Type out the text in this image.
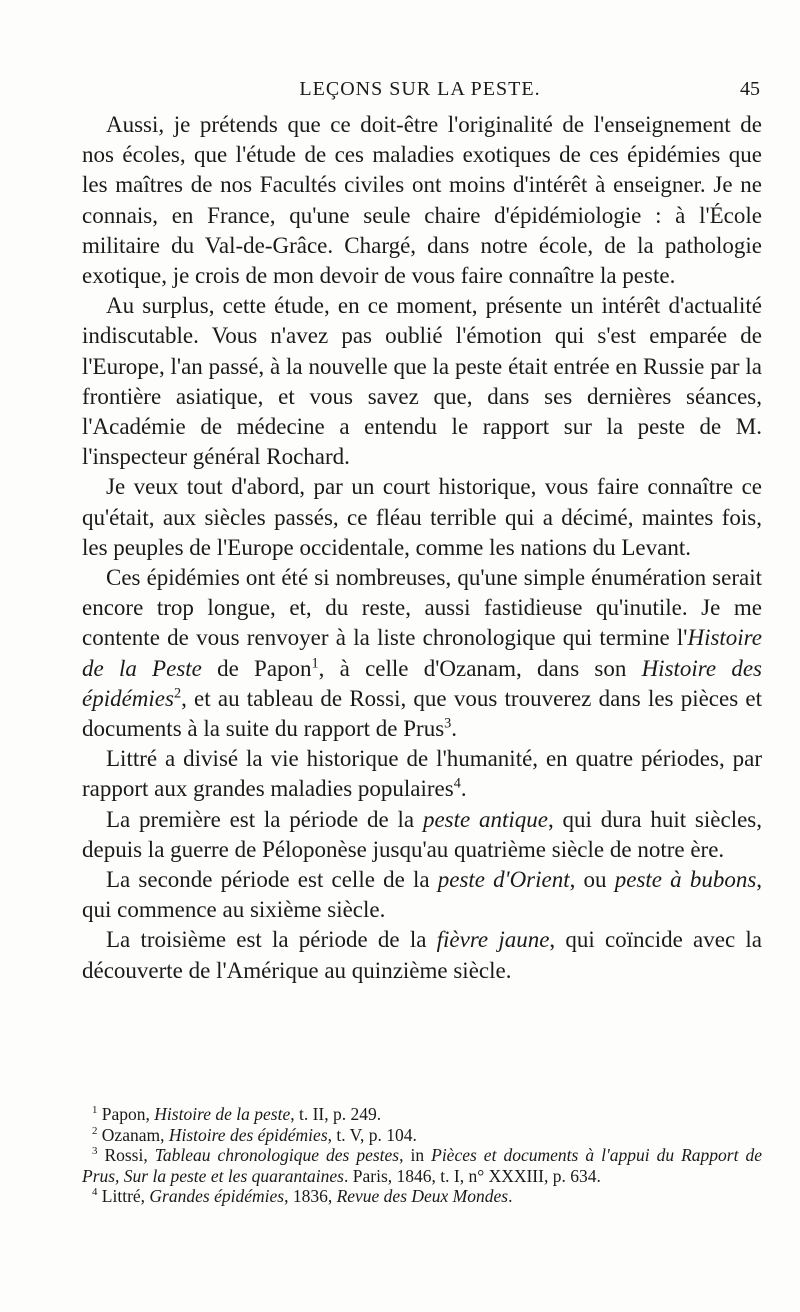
LEÇONS SUR LA PESTE.	45

Aussi, je prétends que ce doit-être l'originalité de l'enseignement de nos écoles, que l'étude de ces maladies exotiques de ces épidémies que les maîtres de nos Facultés civiles ont moins d'intérêt à enseigner. Je ne connais, en France, qu'une seule chaire d'épidémiologie : à l'École militaire du Val-de-Grâce. Chargé, dans notre école, de la pathologie exotique, je crois de mon devoir de vous faire connaître la peste.

Au surplus, cette étude, en ce moment, présente un intérêt d'actualité indiscutable. Vous n'avez pas oublié l'émotion qui s'est emparée de l'Europe, l'an passé, à la nouvelle que la peste était entrée en Russie par la frontière asiatique, et vous savez que, dans ses dernières séances, l'Académie de médecine a entendu le rapport sur la peste de M. l'inspecteur général Rochard.

Je veux tout d'abord, par un court historique, vous faire connaître ce qu'était, aux siècles passés, ce fléau terrible qui a décimé, maintes fois, les peuples de l'Europe occidentale, comme les nations du Levant.

Ces épidémies ont été si nombreuses, qu'une simple énumération serait encore trop longue, et, du reste, aussi fastidieuse qu'inutile. Je me contente de vous renvoyer à la liste chronologique qui termine l'Histoire de la Peste de Papon$^1$, à celle d'Ozanam, dans son Histoire des épidémies$^2$, et au tableau de Rossi, que vous trouverez dans les pièces et documents à la suite du rapport de Prus$^3$.

Littré a divisé la vie historique de l'humanité, en quatre périodes, par rapport aux grandes maladies populaires$^4$.

La première est la période de la peste antique, qui dura huit siècles, depuis la guerre de Péloponèse jusqu'au quatrième siècle de notre ère.

La seconde période est celle de la peste d'Orient, ou peste à bubons, qui commence au sixième siècle.

La troisième est la période de la fièvre jaune, qui coïncide avec la découverte de l'Amérique au quinzième siècle.

$^1$ Papon, Histoire de la peste, t. II, p. 249.

$^2$ Ozanam, Histoire des épidémies, t. V, p. 104.

$^3$ Rossi, Tableau chronologique des pestes, in Pièces et documents à l'appui du Rapport de Prus, Sur la peste et les quarantaines. Paris, 1846, t. I, n° XXXIII, p. 634.

$^4$ Littré, Grandes épidémies, 1836, Revue des Deux Mondes.
